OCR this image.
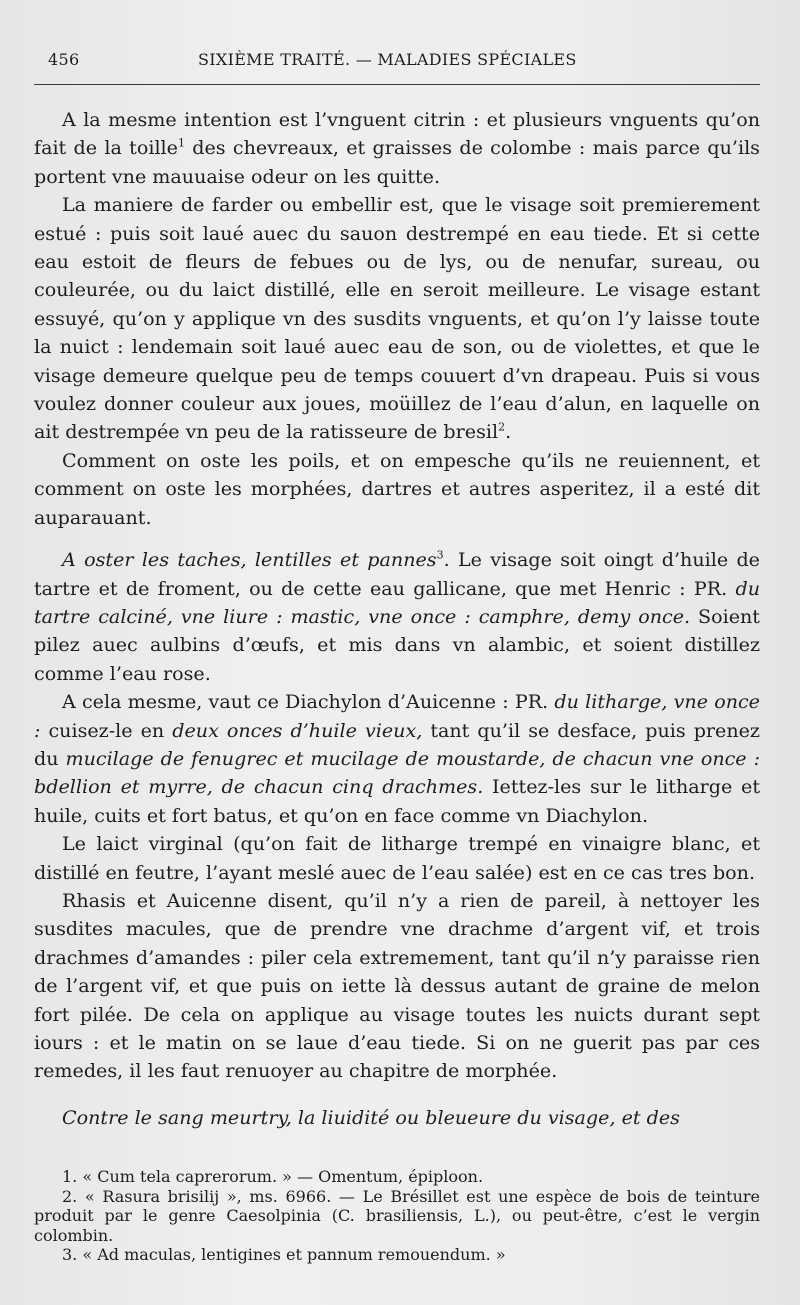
456	SIXIÈME TRAITÉ. — MALADIES SPÉCIALES

A la mesme intention est l’vnguent citrin : et plusieurs vnguents qu’on fait de la toille$^1$ des chevreaux, et graisses de colombe : mais parce qu’ils portent vne mauuaise odeur on les quitte.

La maniere de farder ou embellir est, que le visage soit premierement estué : puis soit laué auec du sauon destrempé en eau tiede. Et si cette eau estoit de fleurs de febues ou de lys, ou de nenufar, sureau, ou couleurée, ou du laict distillé, elle en seroit meilleure. Le visage estant essuyé, qu’on y applique vn des susdits vnguents, et qu’on l’y laisse toute la nuict : lendemain soit laué auec eau de son, ou de violettes, et que le visage demeure quelque peu de temps couuert d’vn drapeau. Puis si vous voulez donner couleur aux joues, moüillez de l’eau d’alun, en laquelle on ait destrempée vn peu de la ratisseure de bresil$^2$.

Comment on oste les poils, et on empesche qu’ils ne reuiennent, et comment on oste les morphées, dartres et autres asperitez, il a esté dit auparauant.

A oster les taches, lentilles et pannes$^3$. Le visage soit oingt d’huile de tartre et de froment, ou de cette eau gallicane, que met Henric : PR. du tartre calciné, vne liure : mastic, vne once : camphre, demy once. Soient pilez auec aulbins d’œufs, et mis dans vn alambic, et soient distillez comme l’eau rose.

A cela mesme, vaut ce Diachylon d’Auicenne : PR. du litharge, vne once : cuisez-le en deux onces d’huile vieux, tant qu’il se desface, puis prenez du mucilage de fenugrec et mucilage de moustarde, de chacun vne once : bdellion et myrre, de chacun cinq drachmes. Iettez-les sur le litharge et huile, cuits et fort batus, et qu’on en face comme vn Diachylon.

Le laict virginal (qu’on fait de litharge trempé en vinaigre blanc, et distillé en feutre, l’ayant meslé auec de l’eau salée) est en ce cas tres bon.

Rhasis et Auicenne disent, qu’il n’y a rien de pareil, à nettoyer les susdites macules, que de prendre vne drachme d’argent vif, et trois drachmes d’amandes : piler cela extremement, tant qu’il n’y paraisse rien de l’argent vif, et que puis on iette là dessus autant de graine de melon fort pilée. De cela on applique au visage toutes les nuicts durant sept iours : et le matin on se laue d’eau tiede. Si on ne guerit pas par ces remedes, il les faut renuoyer au chapitre de morphée.

Contre le sang meurtry, la liuidité ou bleueure du visage, et des

1. « Cum tela caprerorum. » — Omentum, épiploon.

2. « Rasura brisilij », ms. 6966. — Le Brésillet est une espèce de bois de teinture produit par le genre Caesolpinia (C. brasiliensis, L.), ou peut-être, c’est le vergin colombin.

3. « Ad maculas, lentigines et pannum remouendum. »
